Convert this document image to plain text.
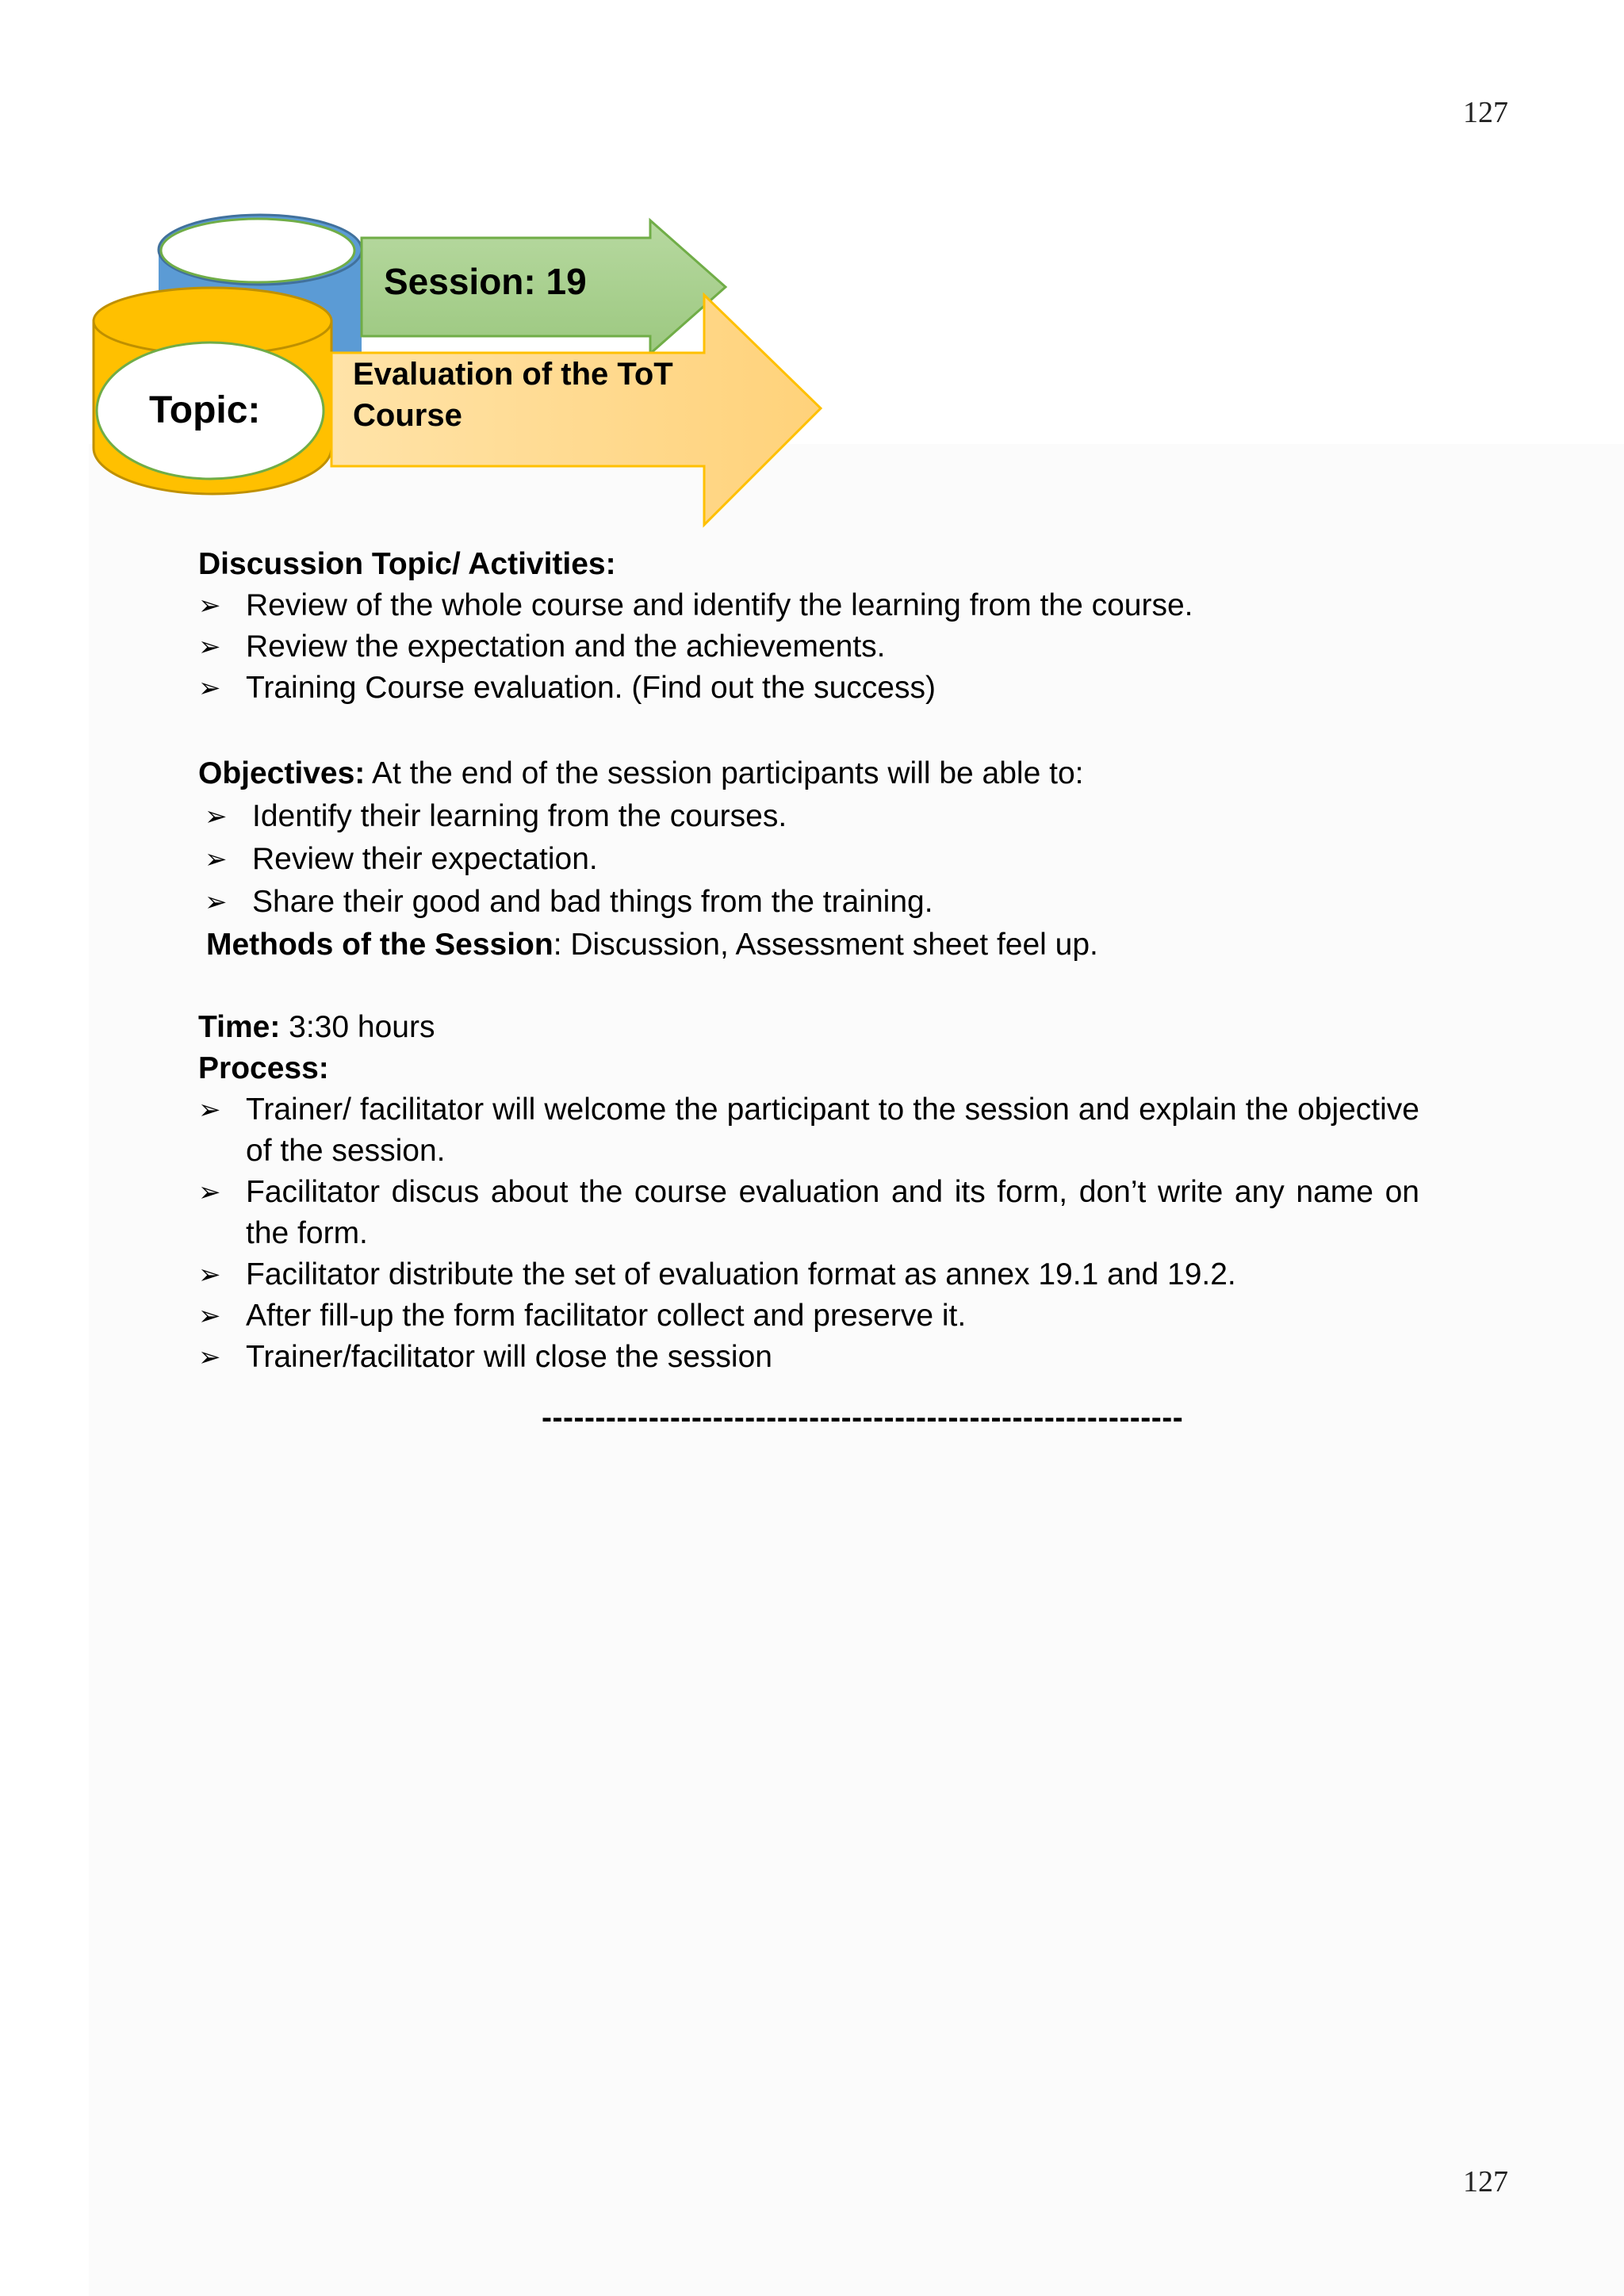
127
Session: 19
Topic:
Evaluation of the ToT Course
Discussion Topic/ Activities:
➢ Review of the whole course and identify the learning from the course.
➢ Review the expectation and the achievements.
➢ Training Course evaluation. (Find out the success)
Objectives: At the end of the session participants will be able to:
➢ Identify their learning from the courses.
➢ Review their expectation.
➢ Share their good and bad things from the training.
Methods of the Session: Discussion, Assessment sheet feel up.
Time: 3:30 hours
Process:
➢ Trainer/ facilitator will welcome the participant to the session and explain the objective of the session.
➢ Facilitator discus about the course evaluation and its form, don’t write any name on the form.
➢ Facilitator distribute the set of evaluation format as annex 19.1 and 19.2.
➢ After fill-up the form facilitator collect and preserve it.
➢ Trainer/facilitator will close the session
------------------------------------------------------------
127
